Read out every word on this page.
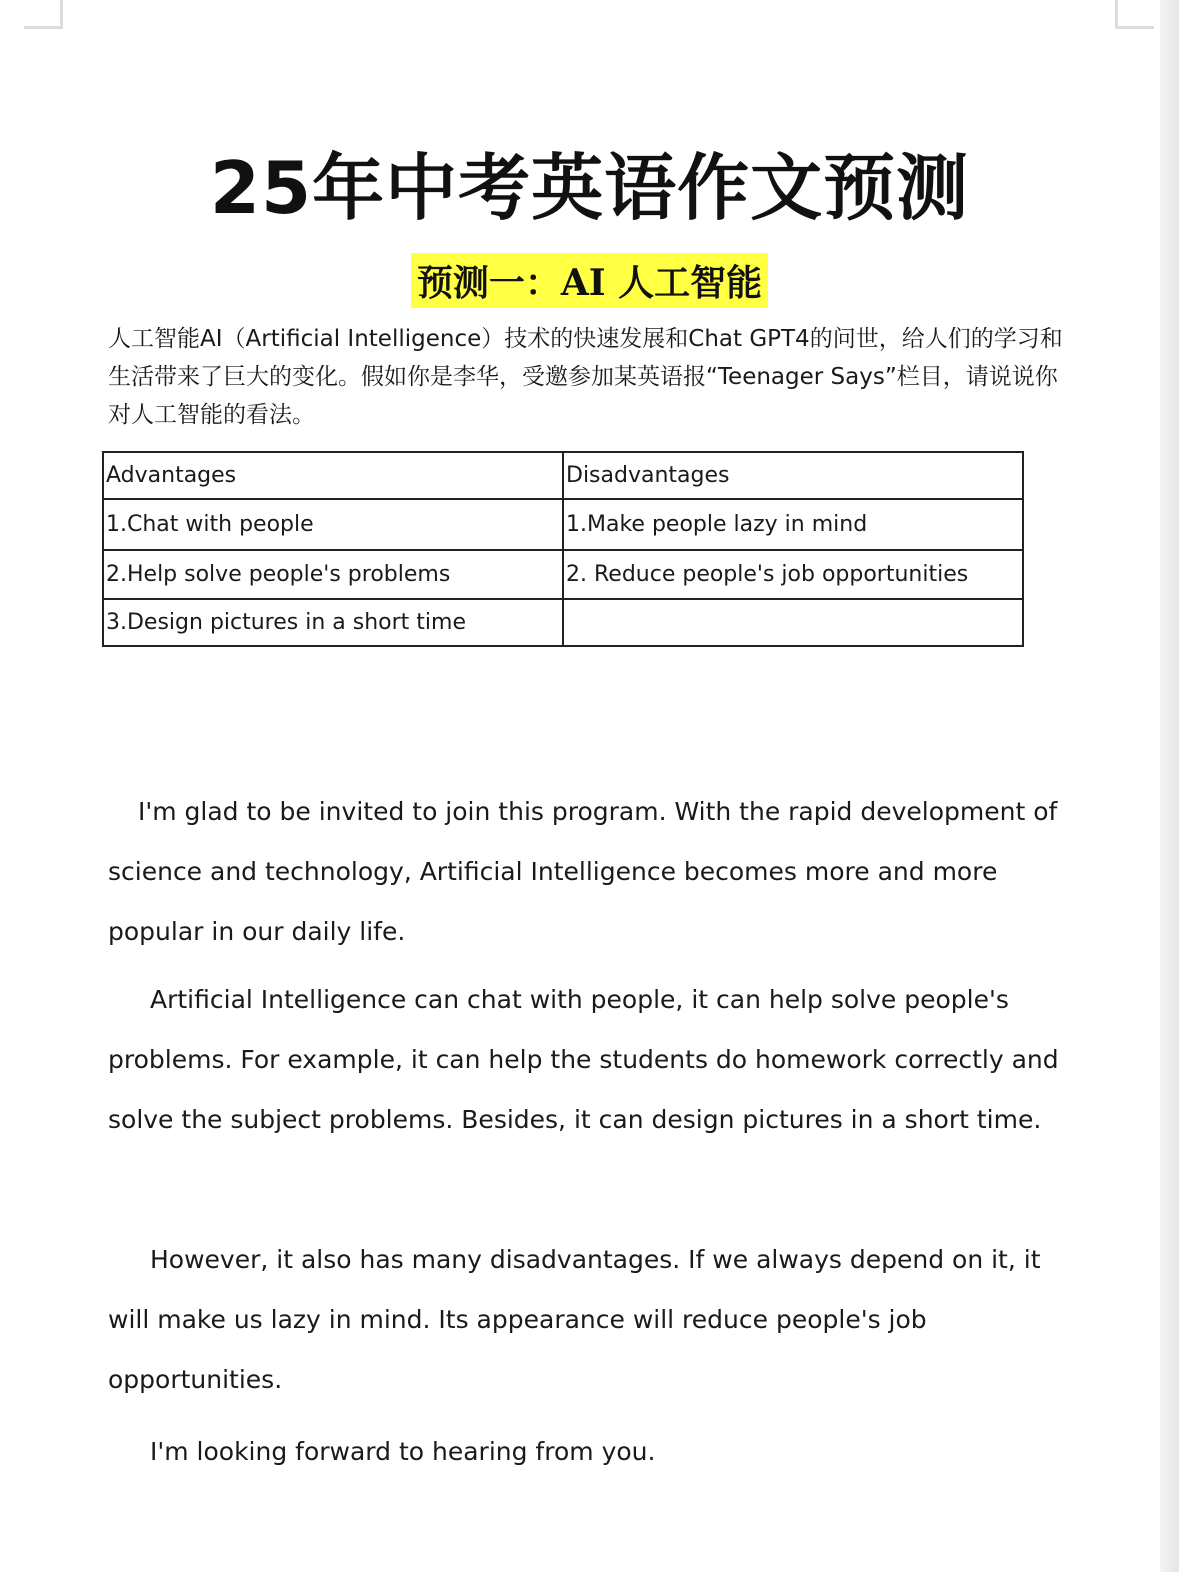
25年中考英语作文预测
预测一：AI 人工智能
人工智能AI（Artificial Intelligence）技术的快速发展和Chat GPT4的问世，给人们的学习和生活带来了巨大的变化。假如你是李华，受邀参加某英语报“Teenager Says”栏目，请说说你对人工智能的看法。
Advantages	Disadvantages
1.Chat with people	1.Make people lazy in mind
2.Help solve people's problems	2. Reduce people's job opportunities
3.Design pictures in a short time	
I'm glad to be invited to join this program. With the rapid development of science and technology, Artificial Intelligence becomes more and more popular in our daily life.
Artificial Intelligence can chat with people, it can help solve people's problems. For example, it can help the students do homework correctly and solve the subject problems. Besides, it can design pictures in a short time.
However, it also has many disadvantages. If we always depend on it, it will make us lazy in mind. Its appearance will reduce people's job opportunities.
I'm looking forward to hearing from you.
